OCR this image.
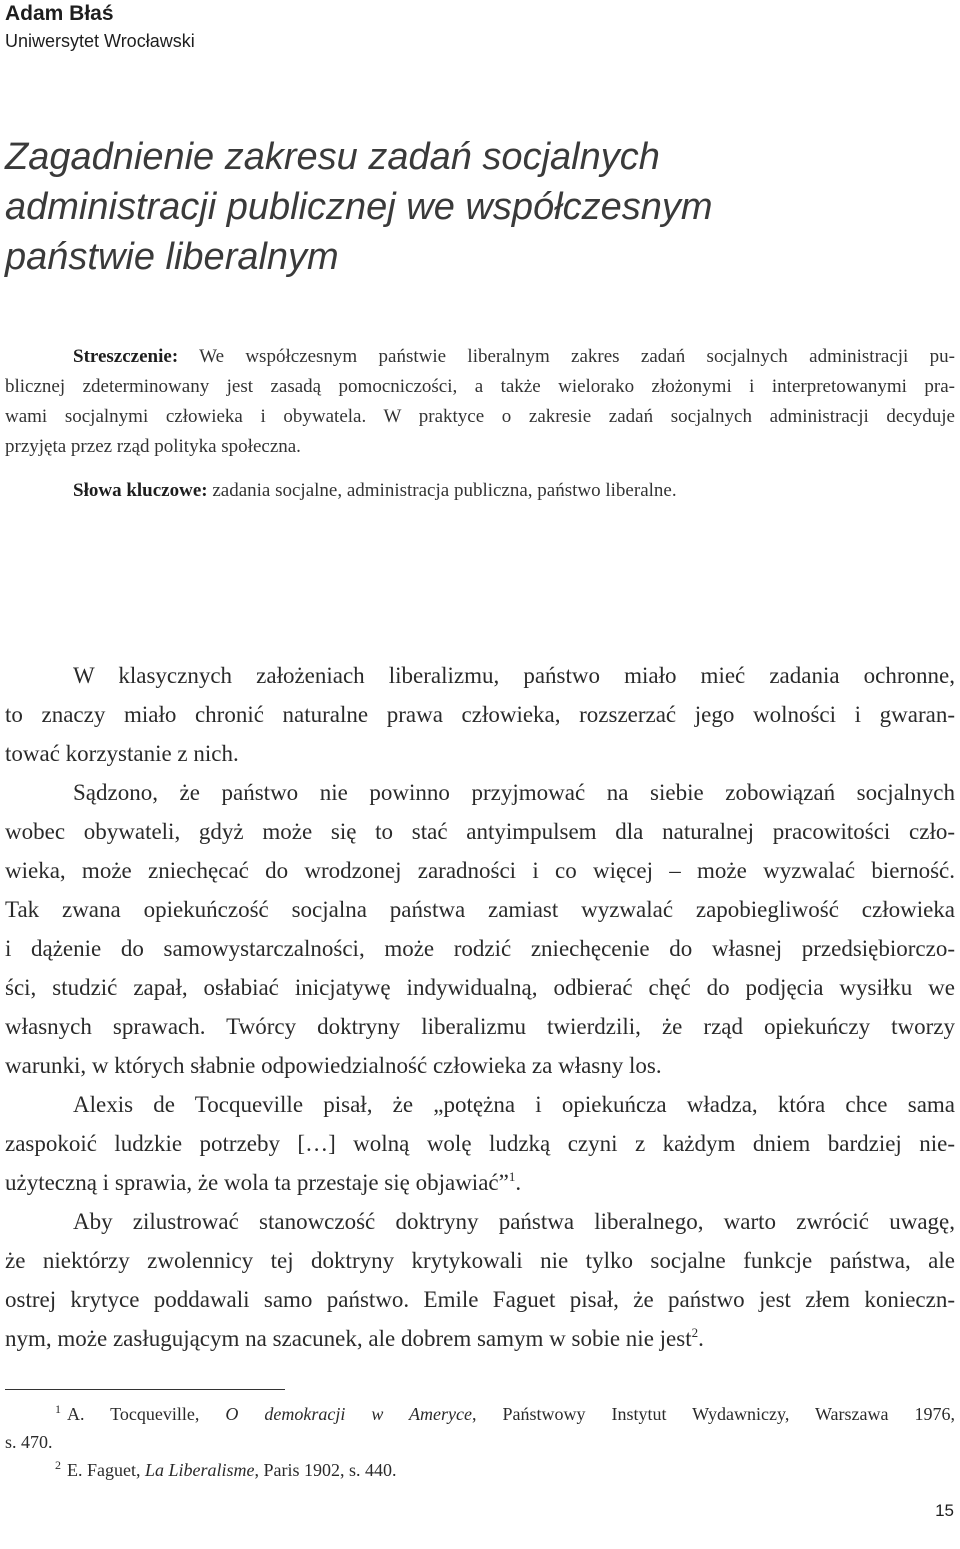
Adam Błaś
Uniwersytet Wrocławski
Zagadnienie zakresu zadań socjalnych
administracji publicznej we współczesnym
państwie liberalnym
Streszczenie: We współczesnym państwie liberalnym zakres zadań socjalnych administracji pu-
blicznej zdeterminowany jest zasadą pomocniczości, a także wielorako złożonymi i interpretowanymi pra-
wami socjalnymi człowieka i obywatela. W praktyce o zakresie zadań socjalnych administracji decyduje
przyjęta przez rząd polityka społeczna.
Słowa kluczowe: zadania socjalne, administracja publiczna, państwo liberalne.
W klasycznych założeniach liberalizmu, państwo miało mieć zadania ochronne,
to znaczy miało chronić naturalne prawa człowieka, rozszerzać jego wolności i gwaran-
tować korzystanie z nich.
Sądzono, że państwo nie powinno przyjmować na siebie zobowiązań socjalnych
wobec obywateli, gdyż może się to stać antyimpulsem dla naturalnej pracowitości czło-
wieka, może zniechęcać do wrodzonej zaradności i co więcej – może wyzwalać bierność.
Tak zwana opiekuńczość socjalna państwa zamiast wyzwalać zapobiegliwość człowieka
i dążenie do samowystarczalności, może rodzić zniechęcenie do własnej przedsiębiorczo-
ści, studzić zapał, osłabiać inicjatywę indywidualną, odbierać chęć do podjęcia wysiłku we
własnych sprawach. Twórcy doktryny liberalizmu twierdzili, że rząd opiekuńczy tworzy
warunki, w których słabnie odpowiedzialność człowieka za własny los.
Alexis de Tocqueville pisał, że „potężna i opiekuńcza władza, która chce sama
zaspokoić ludzkie potrzeby […] wolną wolę ludzką czyni z każdym dniem bardziej nie-
użyteczną i sprawia, że wola ta przestaje się objawiać”$^1$.
Aby zilustrować stanowczość doktryny państwa liberalnego, warto zwrócić uwagę,
że niektórzy zwolennicy tej doktryny krytykowali nie tylko socjalne funkcje państwa, ale
ostrej krytyce poddawali samo państwo. Emile Faguet pisał, że państwo jest złem konieczn-
nym, może zasługującym na szacunek, ale dobrem samym w sobie nie jest$^2$.
$^1$ A. Tocqueville, O demokracji w Ameryce, Państwowy Instytut Wydawniczy, Warszawa 1976,
s. 470.
$^2$ E. Faguet, La Liberalisme, Paris 1902, s. 440.
15
